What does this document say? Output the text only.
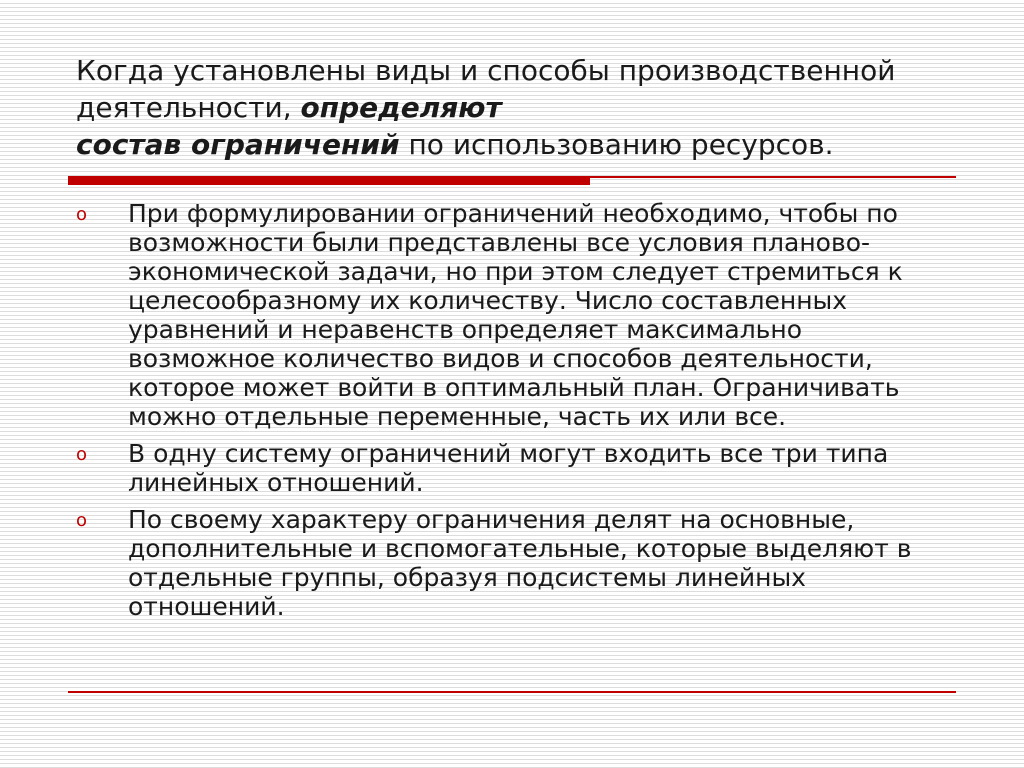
Когда установлены виды и способы производственной деятельности, определяют
состав ограничений по использованию ресурсов.
o При формулировании ограничений необходимо, чтобы по возможности были представлены все условия планово-экономической задачи, но при этом следует стремиться к целесообразному их количеству. Число составленных уравнений и неравенств определяет максимально возможное количество видов и способов деятельности, которое может войти в оптимальный план. Ограничивать можно отдельные переменные, часть их или все.
o В одну систему ограничений могут входить все три типа линейных отношений.
o По своему характеру ограничения делят на основные, дополнительные и вспомогательные, которые выделяют в отдельные группы, образуя подсистемы линейных отношений.
